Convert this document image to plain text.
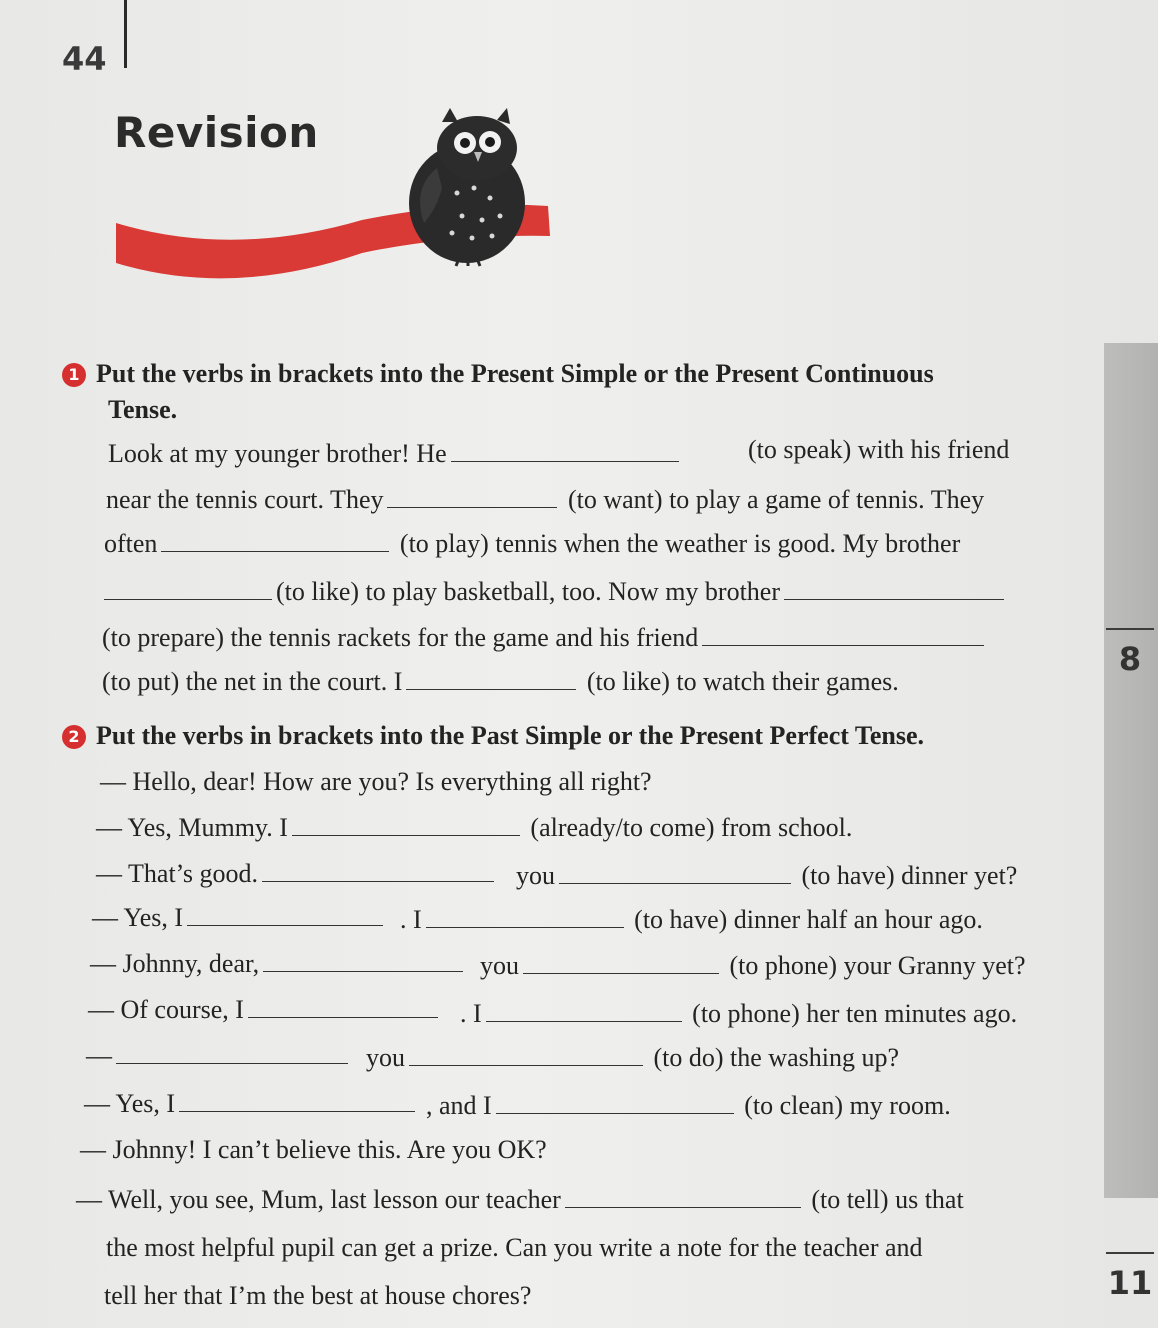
44
Revision
8
11
1 Put the verbs in brackets into the Present Simple or the Present Continuous
Tense.
Look at my younger brother! He	(to speak) with his friend
near the tennis court. They	(to want) to play a game of tennis. They
often	(to play) tennis when the weather is good. My brother
(to like) to play basketball, too. Now my brother
(to prepare) the tennis rackets for the game and his friend
(to put) the net in the court. I	(to like) to watch their games.
2 Put the verbs in brackets into the Past Simple or the Present Perfect Tense.
— Hello, dear! How are you? Is everything all right?
— Yes, Mummy. I	(already/to come) from school.
— That’s good.	you	(to have) dinner yet?
— Yes, I	. I	(to have) dinner half an hour ago.
— Johnny, dear,	you	(to phone) your Granny yet?
— Of course, I	. I	(to phone) her ten minutes ago.
—	you	(to do) the washing up?
— Yes, I	, and I	(to clean) my room.
— Johnny! I can’t believe this. Are you OK?
— Well, you see, Mum, last lesson our teacher	(to tell) us that
the most helpful pupil can get a prize. Can you write a note for the teacher and
tell her that I’m the best at house chores?
